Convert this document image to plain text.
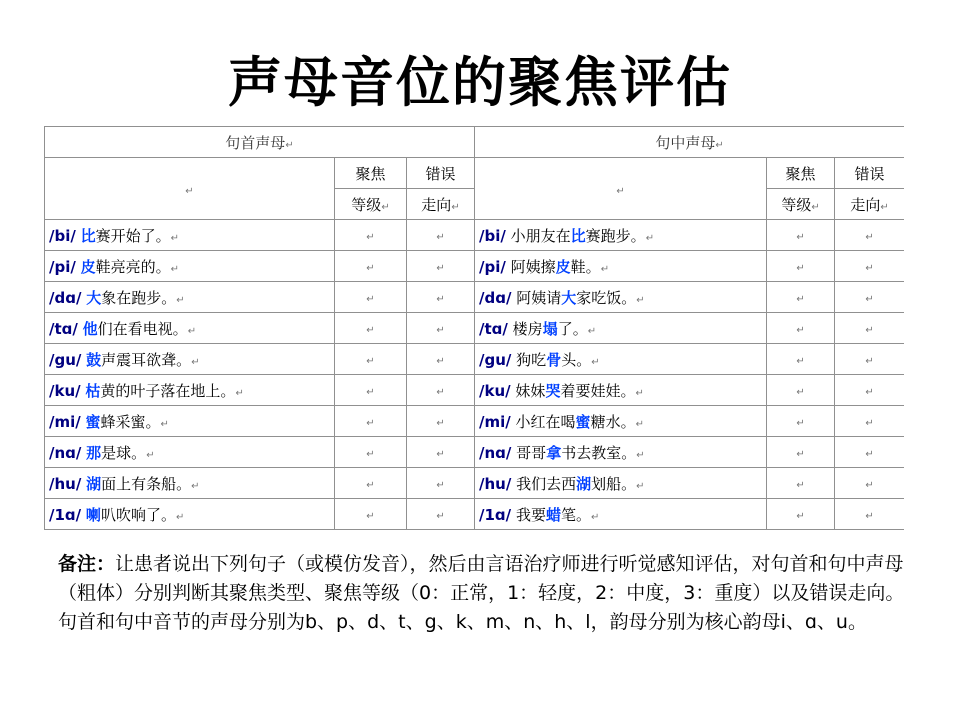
声母音位的聚焦评估
句首声母↵			句中声母↵		
↵	聚焦	错误	↵	聚焦	错误
	等级↵	走向↵		等级↵	走向↵
/bi/ 比赛开始了。↵	↵	↵	/bi/ 小朋友在比赛跑步。↵	↵	↵
/pi/ 皮鞋亮亮的。↵	↵	↵	/pi/ 阿姨擦皮鞋。↵	↵	↵
/dɑ/ 大象在跑步。↵	↵	↵	/dɑ/ 阿姨请大家吃饭。↵	↵	↵
/tɑ/ 他们在看电视。↵	↵	↵	/tɑ/ 楼房塌了。↵	↵	↵
/gu/ 鼓声震耳欲聋。↵	↵	↵	/gu/ 狗吃骨头。↵	↵	↵
/ku/ 枯黄的叶子落在地上。↵	↵	↵	/ku/ 妹妹哭着要娃娃。↵	↵	↵
/mi/ 蜜蜂采蜜。↵	↵	↵	/mi/ 小红在喝蜜糖水。↵	↵	↵
/nɑ/ 那是球。↵	↵	↵	/nɑ/ 哥哥拿书去教室。↵	↵	↵
/hu/ 湖面上有条船。↵	↵	↵	/hu/ 我们去西湖划船。↵	↵	↵
/1ɑ/ 喇叭吹响了。↵	↵	↵	/1ɑ/ 我要蜡笔。↵	↵	↵
备注：让患者说出下列句子（或模仿发音），然后由言语治疗师进行听觉感知评估，对句首和句中声母（粗体）分别判断其聚焦类型、聚焦等级（0：正常，1：轻度，2：中度，3：重度）以及错误走向。句首和句中音节的声母分别为b、p、d、t、g、k、m、n、h、l，韵母分别为核心韵母i、ɑ、u。
